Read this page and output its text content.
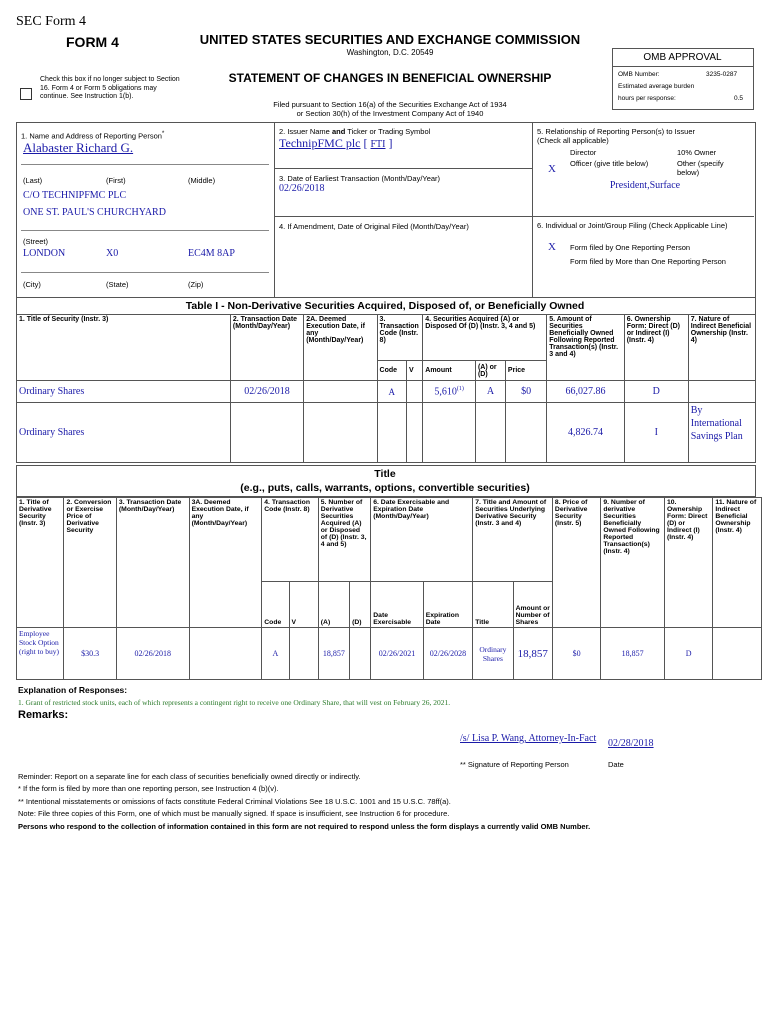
SEC Form 4
FORM 4	UNITED STATES SECURITIES AND EXCHANGE COMMISSION
Washington, D.C. 20549
Check this box if no longer subject to Section 16. Form 4 or Form 5 obligations may continue. See Instruction 1(b).
STATEMENT OF CHANGES IN BENEFICIAL OWNERSHIP
Filed pursuant to Section 16(a) of the Securities Exchange Act of 1934
or Section 30(h) of the Investment Company Act of 1940
OMB APPROVAL
OMB Number:	3235-0287
Estimated average burden
hours per response:	0.5
1. Name and Address of Reporting Person*
Alabaster Richard G.
(Last)	(First)	(Middle)
C/O TECHNIPFMC PLC
ONE ST. PAUL'S CHURCHYARD
(Street)
LONDON	X0	EC4M 8AP
(City)	(State)	(Zip)
2. Issuer Name and Ticker or Trading Symbol
TechnipFMC plc [ FTI ]
3. Date of Earliest Transaction (Month/Day/Year)
02/26/2018
4. If Amendment, Date of Original Filed (Month/Day/Year)
5. Relationship of Reporting Person(s) to Issuer
(Check all applicable)
Director	10% Owner
X Officer (give title below)	Other (specify below)
President,Surface
6. Individual or Joint/Group Filing (Check Applicable Line)
X Form filed by One Reporting Person
Form filed by More than One Reporting Person
Table I - Non-Derivative Securities Acquired, Disposed of, or Beneficially Owned
1. Title of Security (Instr. 3)	2. Transaction Date (Month/Day/Year)	2A. Deemed Execution Date, if any (Month/Day/Year)	3. Transaction Code (Instr. 8)		4. Securities Acquired (A) or Disposed Of (D) (Instr. 3, 4 and 5)			5. Amount of Securities Beneficially Owned Following Reported Transaction(s) (Instr. 3 and 4)	6. Ownership Form: Direct (D) or Indirect (I) (Instr. 4)	7. Nature of Indirect Beneficial Ownership (Instr. 4)
			Code	V	Amount	(A) or (D)	Price			
Ordinary Shares	02/26/2018		A		5,610$^{(1)}$	A	$0	66,027.86	D	
Ordinary Shares								4,826.74	I	By International Savings Plan
Title
(e.g., puts, calls, warrants, options, convertible securities)
1. Title of Derivative Security (Instr. 3)	2. Conversion or Exercise Price of Derivative Security	3. Transaction Date (Month/Day/Year)	3A. Deemed Execution Date, if any (Month/Day/Year)	4. Transaction Code (Instr. 8)		5. Number of Derivative Securities Acquired (A) or Disposed of (D) (Instr. 3, 4 and 5)		6. Date Exercisable and Expiration Date (Month/Day/Year)		7. Title and Amount of Securities Underlying Derivative Security (Instr. 3 and 4)		8. Price of Derivative Security (Instr. 5)	9. Number of derivative Securities Beneficially Owned Following Reported Transaction(s) (Instr. 4)	10. Ownership Form: Direct (D) or Indirect (I) (Instr. 4)	11. Nature of Indirect Beneficial Ownership (Instr. 4)
				Code	V	(A)	(D)	Date Exercisable	Expiration Date	Title	Amount or Number of Shares				
Employee Stock Option (right to buy)	$30.3	02/26/2018		A		18,857		02/26/2021	02/26/2028	Ordinary Shares	18,857	$0	18,857	D	
Explanation of Responses:
1. Grant of restricted stock units, each of which represents a contingent right to receive one Ordinary Share, that will vest on February 26, 2021.
Remarks:
/s/ Lisa P. Wang, Attorney-In-Fact	02/28/2018
** Signature of Reporting Person	Date
Reminder: Report on a separate line for each class of securities beneficially owned directly or indirectly.
* If the form is filed by more than one reporting person, see Instruction 4 (b)(v).
** Intentional misstatements or omissions of facts constitute Federal Criminal Violations See 18 U.S.C. 1001 and 15 U.S.C. 78ff(a).
Note: File three copies of this Form, one of which must be manually signed. If space is insufficient, see Instruction 6 for procedure.
Persons who respond to the collection of information contained in this form are not required to respond unless the form displays a currently valid OMB Number.
